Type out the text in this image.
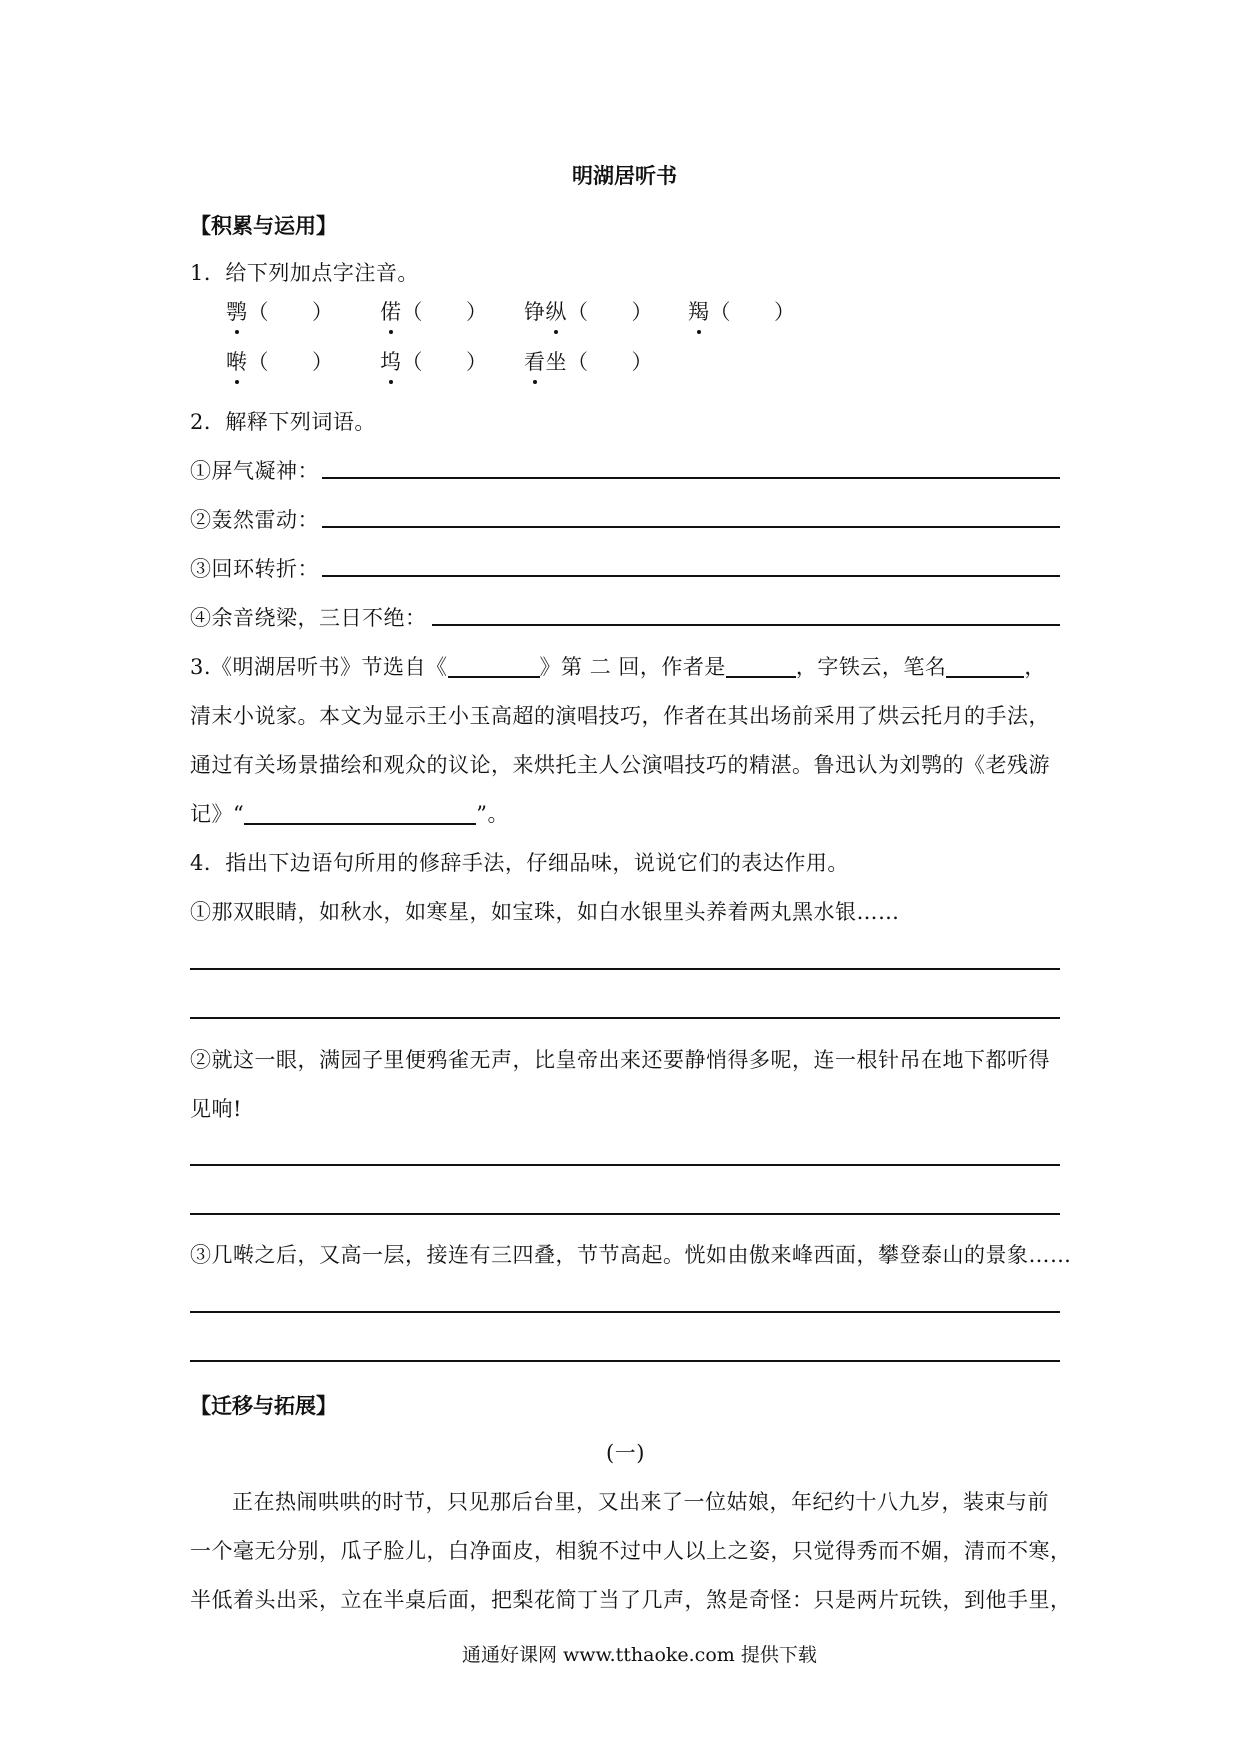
明湖居听书
【积累与运用】
1．给下列加点字注音。
鹗（　　） 偌（　　） 铮纵（　　） 羯（　　）
啭（　　） 坞（　　） 看坐（　　）
2．解释下列词语。
①屏气凝神：
②轰然雷动：
③回环转折：
④余音绕梁，三日不绝：
3.《明湖居听书》节选自《	》第 二 回，作者是	，字铁云，笔名	，
清末小说家。本文为显示王小玉高超的演唱技巧，作者在其出场前采用了烘云托月的手法，
通过有关场景描绘和观众的议论，来烘托主人公演唱技巧的精湛。鲁迅认为刘鹗的《老残游
记》“	”。
4．指出下边语句所用的修辞手法，仔细品味，说说它们的表达作用。
①那双眼睛，如秋水，如寒星，如宝珠，如白水银里头养着两丸黑水银……
②就这一眼，满园子里便鸦雀无声，比皇帝出来还要静悄得多呢，连一根针吊在地下都听得
见响!
③几啭之后，又高一层，接连有三四叠，节节高起。恍如由傲来峰西面，攀登泰山的景象……
【迁移与拓展】
(一)
正在热闹哄哄的时节，只见那后台里，又出来了一位姑娘，年纪约十八九岁，装束与前
一个毫无分别，瓜子脸儿，白净面皮，相貌不过中人以上之姿，只觉得秀而不媚，清而不寒，
半低着头出采，立在半桌后面，把梨花简丁当了几声，煞是奇怪：只是两片玩铁，到他手里，
通通好课网 www.tthaoke.com 提供下载
